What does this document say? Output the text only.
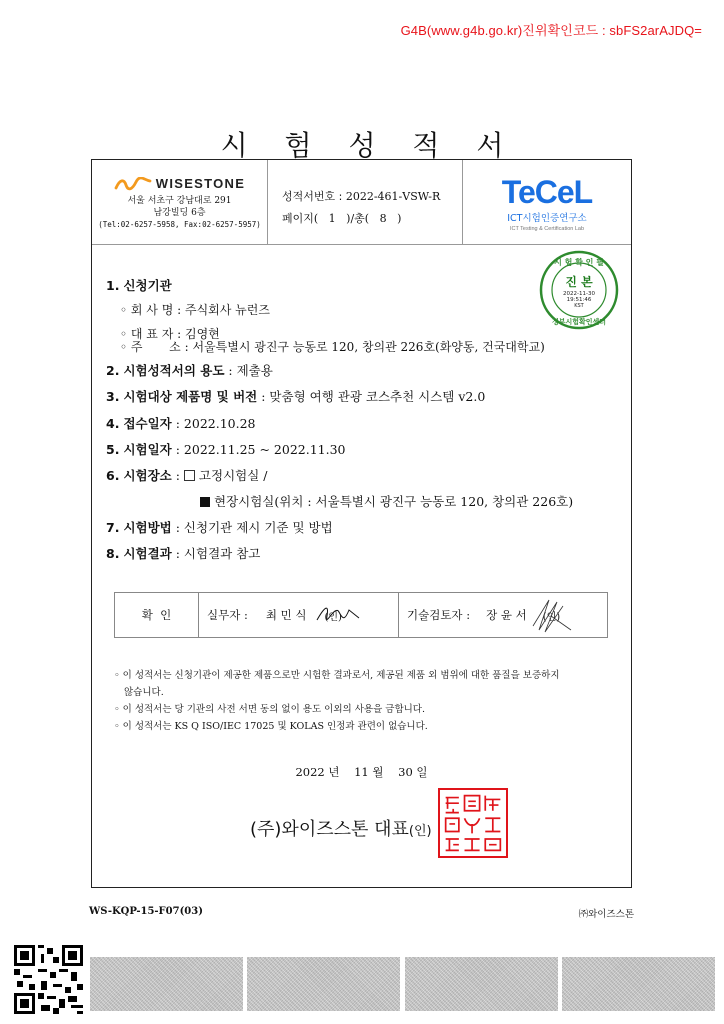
G4B(www.g4b.go.kr)진위확인코드 : sbFS2arAJDQ=
시 험 성 적 서
WISESTONE
서울 서초구 강남대로 291
남강빌딩 6층
(Tel:02-6257-5958, Fax:02-6257-5957)
성적서번호 : 2022-461-VSW-R
페이지( 1 )/총( 8 )
TeCeL
ICT시험인증연구소
ICT Testing & Certification Lab
시 험 확 인 필
진 본
2022-11-30
19:51:46
KST
정부시험확인센터
1. 신청기관
◦ 회 사 명 : 주식회사 뉴런즈
◦ 대 표 자 : 김영현
◦ 주       소 : 서울특별시 광진구 능동로 120, 창의관 226호(화양동, 건국대학교)
2. 시험성적서의 용도 : 제출용
3. 시험대상 제품명 및 버전 : 맞춤형 여행 관광 코스추천 시스템 v2.0
4. 접수일자 : 2022.10.28
5. 시험일자 : 2022.11.25 ~ 2022.11.30
6. 시험장소 : 고정시험실 /
현장시험실(위치 : 서울특별시 광진구 능동로 120, 창의관 226호)
7. 시험방법 : 신청기관 제시 기준 및 방법
8. 시험결과 : 시험결과 참고
확  인	실무자 : 최 민 식 (인)	기술검토자 : 장 윤 서 (인)
◦ 이 성적서는 신청기관이 제공한 제품으로만 시험한 결과로서, 제공된 제품 외 범위에 대한 품질을 보증하지
않습니다.
◦ 이 성적서는 당 기관의 사전 서면 동의 없이 용도 이외의 사용을 금합니다.
◦ 이 성적서는 KS Q ISO/IEC 17025 및 KOLAS 인정과 관련이 없습니다.
2022 년    11 월    30 일
(주)와이즈스톤 대표(인)
WS-KQP-15-F07(03)	㈜와이즈스톤
